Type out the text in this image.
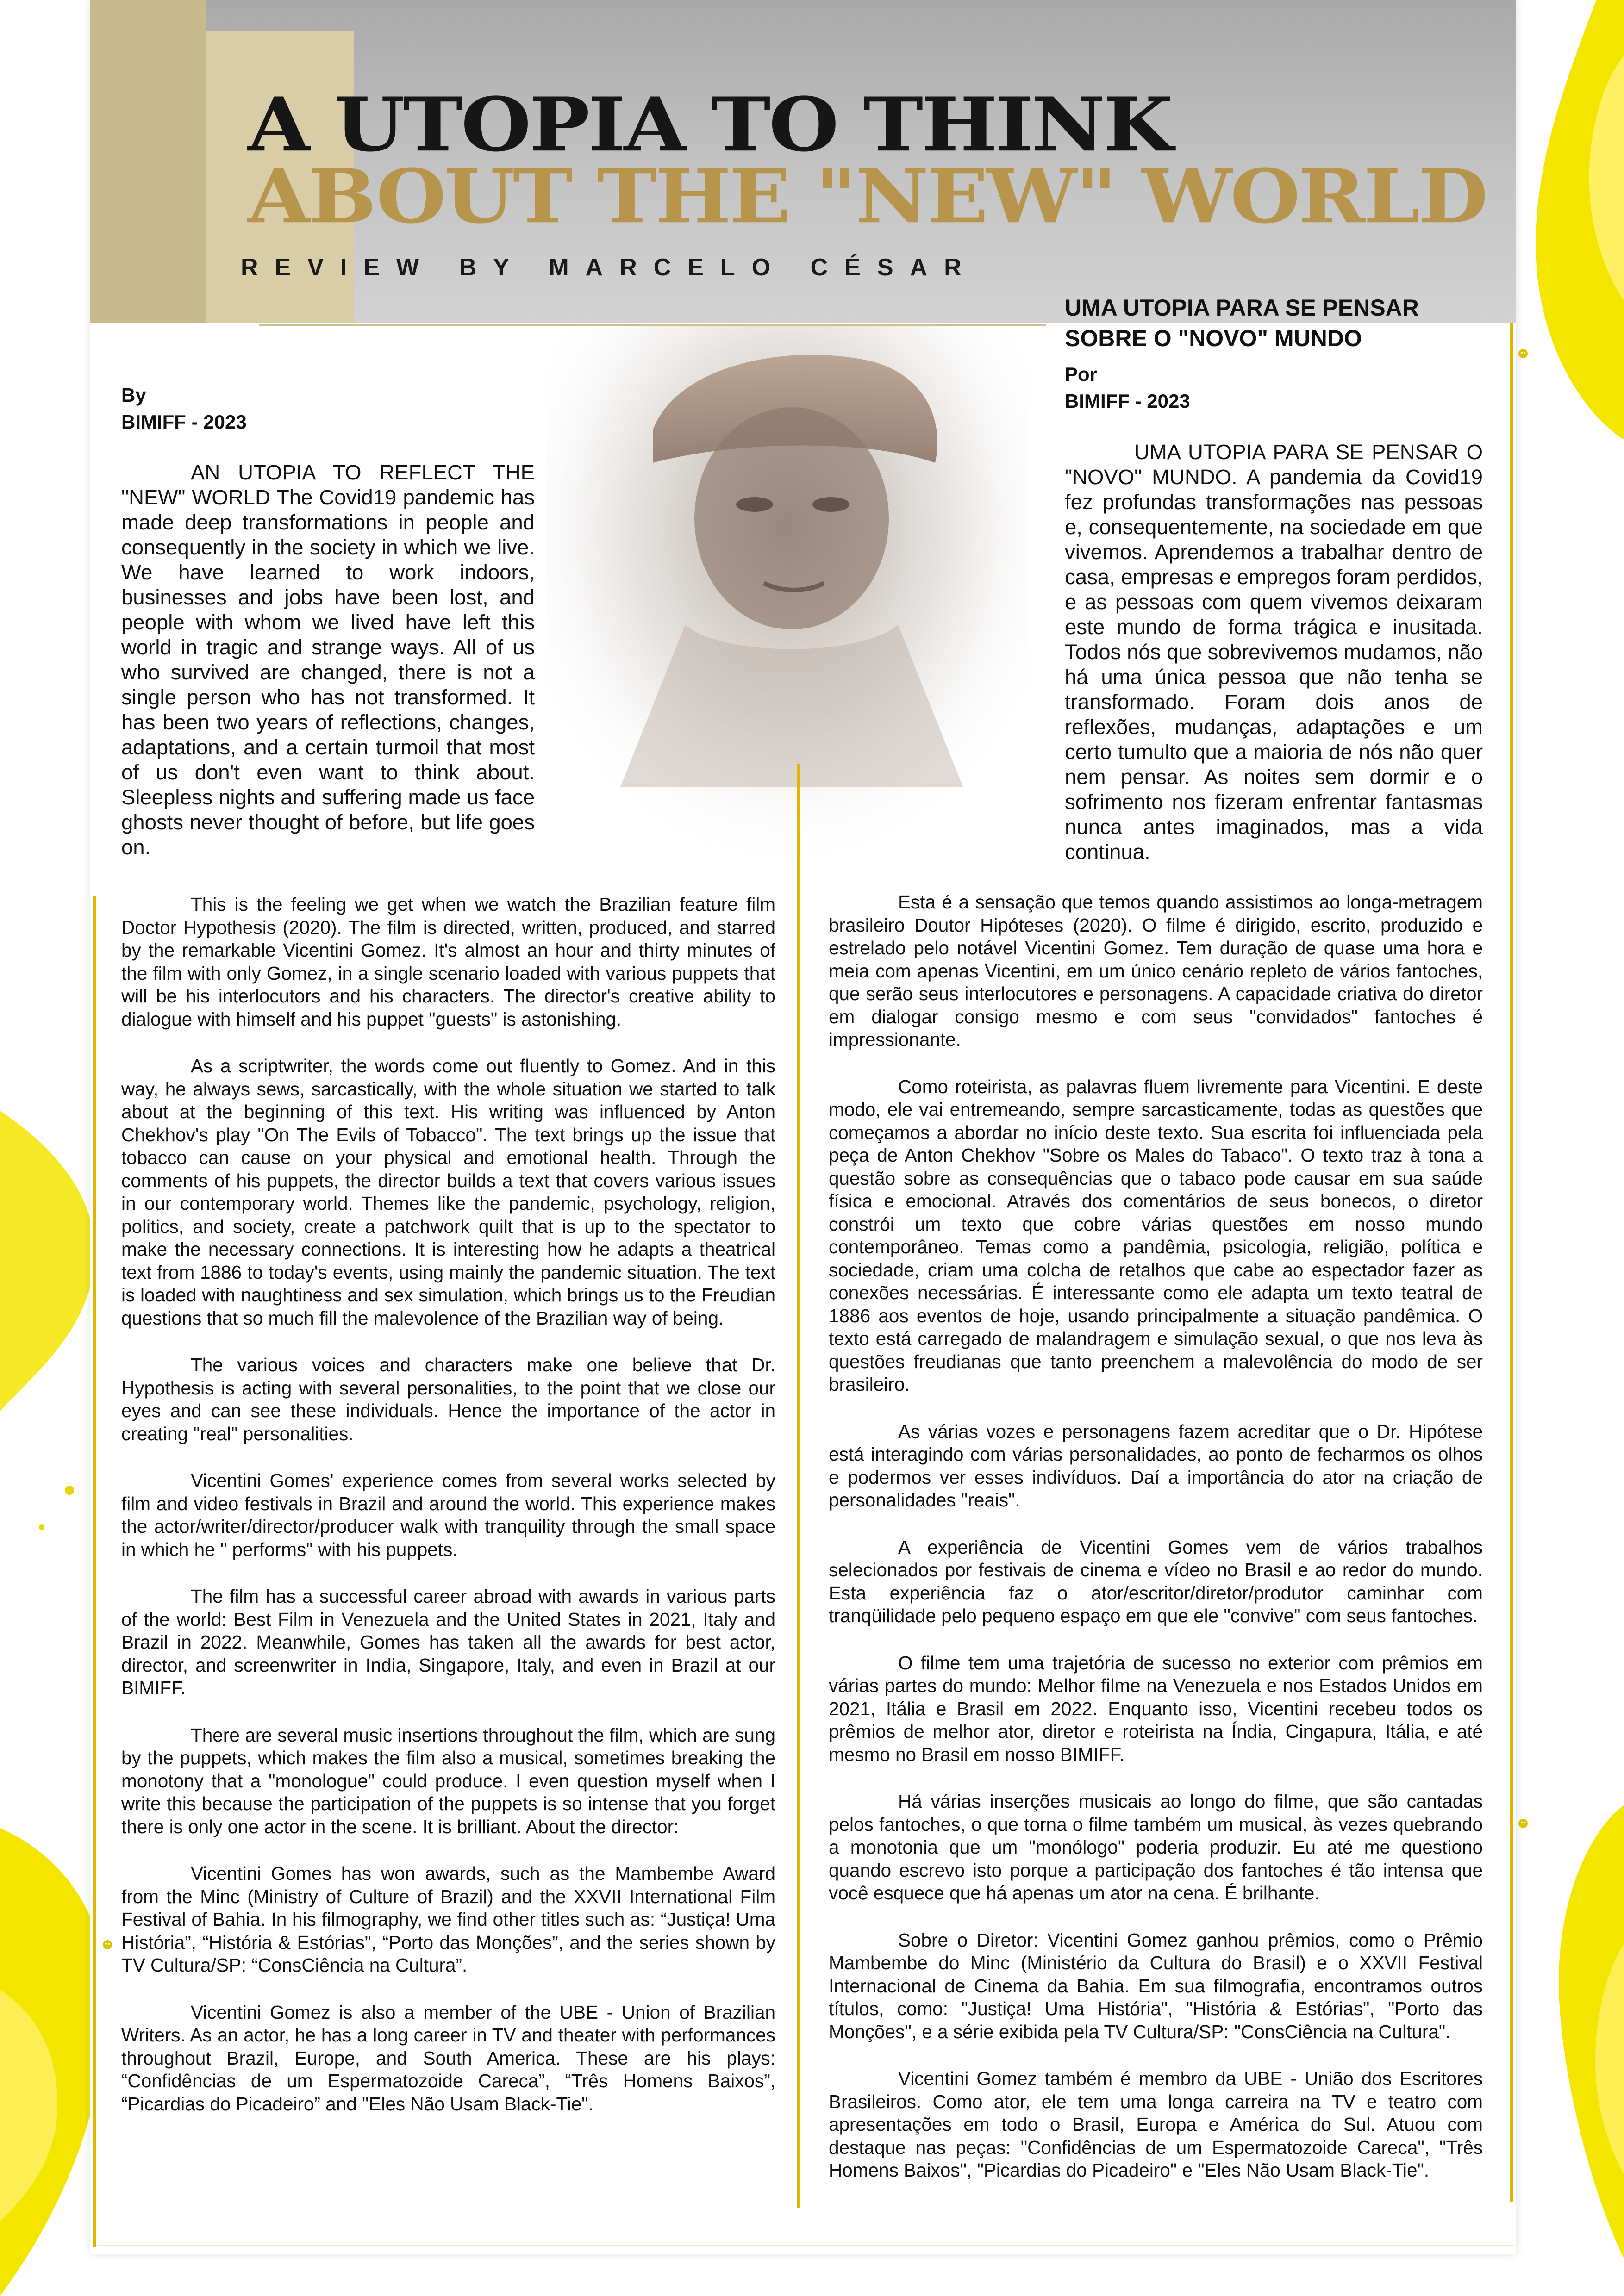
A UTOPIA TO THINK
ABOUT THE "NEW" WORLD
REVIEW BY MARCELO CÉSAR
UMA UTOPIA PARA SE PENSAR
SOBRE O "NOVO" MUNDO
Por
BIMIFF - 2023
By
BIMIFF - 2023

AN UTOPIA TO REFLECT THE "NEW" WORLD The Covid19 pandemic has made deep transformations in people and consequently in the society in which we live. We have learned to work indoors, businesses and jobs have been lost, and people with whom we lived have left this world in tragic and strange ways. All of us who survived are changed, there is not a single person who has not transformed. It has been two years of reflections, changes, adaptations, and a certain turmoil that most of us don't even want to think about. Sleepless nights and suffering made us face ghosts never thought of before, but life goes on.

UMA UTOPIA PARA SE PENSAR O "NOVO" MUNDO. A pandemia da Covid19 fez profundas transformações nas pessoas e, consequentemente, na sociedade em que vivemos. Aprendemos a trabalhar dentro de casa, empresas e empregos foram perdidos, e as pessoas com quem vivemos deixaram este mundo de forma trágica e inusitada. Todos nós que sobrevivemos mudamos, não há uma única pessoa que não tenha se transformado. Foram dois anos de reflexões, mudanças, adaptações e um certo tumulto que a maioria de nós não quer nem pensar. As noites sem dormir e o sofrimento nos fizeram enfrentar fantasmas nunca antes imaginados, mas a vida continua.

This is the feeling we get when we watch the Brazilian feature film Doctor Hypothesis (2020). The film is directed, written, produced, and starred by the remarkable Vicentini Gomez. It's almost an hour and thirty minutes of the film with only Gomez, in a single scenario loaded with various puppets that will be his interlocutors and his characters. The director's creative ability to dialogue with himself and his puppet "guests" is astonishing.

As a scriptwriter, the words come out fluently to Gomez. And in this way, he always sews, sarcastically, with the whole situation we started to talk about at the beginning of this text. His writing was influenced by Anton Chekhov's play "On The Evils of Tobacco". The text brings up the issue that tobacco can cause on your physical and emotional health. Through the comments of his puppets, the director builds a text that covers various issues in our contemporary world. Themes like the pandemic, psychology, religion, politics, and society, create a patchwork quilt that is up to the spectator to make the necessary connections. It is interesting how he adapts a theatrical text from 1886 to today's events, using mainly the pandemic situation. The text is loaded with naughtiness and sex simulation, which brings us to the Freudian questions that so much fill the malevolence of the Brazilian way of being.

The various voices and characters make one believe that Dr. Hypothesis is acting with several personalities, to the point that we close our eyes and can see these individuals. Hence the importance of the actor in creating "real" personalities.

Vicentini Gomes' experience comes from several works selected by film and video festivals in Brazil and around the world. This experience makes the actor/writer/director/producer walk with tranquility through the small space in which he " performs" with his puppets.

The film has a successful career abroad with awards in various parts of the world: Best Film in Venezuela and the United States in 2021, Italy and Brazil in 2022. Meanwhile, Gomes has taken all the awards for best actor, director, and screenwriter in India, Singapore, Italy, and even in Brazil at our BIMIFF.

There are several music insertions throughout the film, which are sung by the puppets, which makes the film also a musical, sometimes breaking the monotony that a "monologue" could produce. I even question myself when I write this because the participation of the puppets is so intense that you forget there is only one actor in the scene. It is brilliant. About the director:

Vicentini Gomes has won awards, such as the Mambembe Award from the Minc (Ministry of Culture of Brazil) and the XXVII International Film Festival of Bahia. In his filmography, we find other titles such as: “Justiça! Uma História”, “História & Estórias”, “Porto das Monções”, and the series shown by TV Cultura/SP: “ConsCiência na Cultura”.

Vicentini Gomez is also a member of the UBE - Union of Brazilian Writers. As an actor, he has a long career in TV and theater with performances throughout Brazil, Europe, and South America. These are his plays: “Confidências de um Espermatozoide Careca”, “Três Homens Baixos”, “Picardias do Picadeiro” and "Eles Não Usam Black-Tie".

Esta é a sensação que temos quando assistimos ao longa-metragem brasileiro Doutor Hipóteses (2020). O filme é dirigido, escrito, produzido e estrelado pelo notável Vicentini Gomez. Tem duração de quase uma hora e meia com apenas Vicentini, em um único cenário repleto de vários fantoches, que serão seus interlocutores e personagens. A capacidade criativa do diretor em dialogar consigo mesmo e com seus "convidados" fantoches é impressionante.

Como roteirista, as palavras fluem livremente para Vicentini. E deste modo, ele vai entremeando, sempre sarcasticamente, todas as questões que começamos a abordar no início deste texto. Sua escrita foi influenciada pela peça de Anton Chekhov "Sobre os Males do Tabaco". O texto traz à tona a questão sobre as consequências que o tabaco pode causar em sua saúde física e emocional. Através dos comentários de seus bonecos, o diretor constrói um texto que cobre várias questões em nosso mundo contemporâneo. Temas como a pandêmia, psicologia, religião, política e sociedade, criam uma colcha de retalhos que cabe ao espectador fazer as conexões necessárias. É interessante como ele adapta um texto teatral de 1886 aos eventos de hoje, usando principalmente a situação pandêmica. O texto está carregado de malandragem e simulação sexual, o que nos leva às questões freudianas que tanto preenchem a malevolência do modo de ser brasileiro.

As várias vozes e personagens fazem acreditar que o Dr. Hipótese está interagindo com várias personalidades, ao ponto de fecharmos os olhos e podermos ver esses indivíduos. Daí a importância do ator na criação de personalidades "reais".

A experiência de Vicentini Gomes vem de vários trabalhos selecionados por festivais de cinema e vídeo no Brasil e ao redor do mundo. Esta experiência faz o ator/escritor/diretor/produtor caminhar com tranqüilidade pelo pequeno espaço em que ele "convive" com seus fantoches.

O filme tem uma trajetória de sucesso no exterior com prêmios em várias partes do mundo: Melhor filme na Venezuela e nos Estados Unidos em 2021, Itália e Brasil em 2022. Enquanto isso, Vicentini recebeu todos os prêmios de melhor ator, diretor e roteirista na Índia, Cingapura, Itália, e até mesmo no Brasil em nosso BIMIFF.

Há várias inserções musicais ao longo do filme, que são cantadas pelos fantoches, o que torna o filme também um musical, às vezes quebrando a monotonia que um "monólogo" poderia produzir. Eu até me questiono quando escrevo isto porque a participação dos fantoches é tão intensa que você esquece que há apenas um ator na cena. É brilhante.

Sobre o Diretor: Vicentini Gomez ganhou prêmios, como o Prêmio Mambembe do Minc (Ministério da Cultura do Brasil) e o XXVII Festival Internacional de Cinema da Bahia. Em sua filmografia, encontramos outros títulos, como: "Justiça! Uma História", "História & Estórias", "Porto das Monções", e a série exibida pela TV Cultura/SP: "ConsCiência na Cultura".

Vicentini Gomez também é membro da UBE - União dos Escritores Brasileiros. Como ator, ele tem uma longa carreira na TV e teatro com apresentações em todo o Brasil, Europa e América do Sul. Atuou com destaque nas peças: "Confidências de um Espermatozoide Careca", "Três Homens Baixos", "Picardias do Picadeiro" e "Eles Não Usam Black-Tie".
